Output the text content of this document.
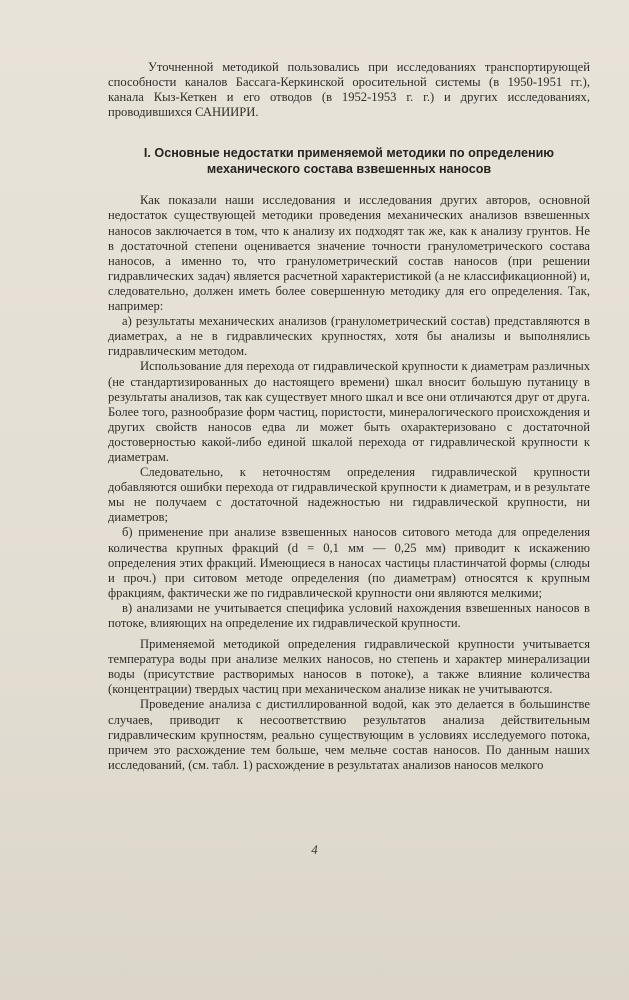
Уточненной методикой пользовались при исследованиях транспортирующей способности каналов Бассага-Керкинской оросительной системы (в 1950-1951 гг.), канала Кыз-Кеткен и его отводов (в 1952-1953 г. г.) и других исследованиях, проводившихся САНИИРИ.

I. Основные недостатки применяемой методики по определению механического состава взвешенных наносов

Как показали наши исследования и исследования других авторов, основной недостаток существующей методики проведения механических анализов взвешенных наносов заключается в том, что к анализу их подходят так же, как к анализу грунтов. Не в достаточной степени оценивается значение точности гранулометрического состава наносов, а именно то, что гранулометрический состав наносов (при решении гидравлических задач) является расчетной характеристикой (а не классификационной) и, следовательно, должен иметь более совершенную методику для его определения. Так, например:

а) результаты механических анализов (гранулометрический состав) представляются в диаметрах, а не в гидравлических крупностях, хотя бы анализы и выполнялись гидравлическим методом.

Использование для перехода от гидравлической крупности к диаметрам различных (не стандартизированных до настоящего времени) шкал вносит большую путаницу в результаты анализов, так как существует много шкал и все они отличаются друг от друга. Более того, разнообразие форм частиц, пористости, минералогического происхождения и других свойств наносов едва ли может быть охарактеризовано с достаточной достоверностью какой-либо единой шкалой перехода от гидравлической крупности к диаметрам.

Следовательно, к неточностям определения гидравлической крупности добавляются ошибки перехода от гидравлической крупности к диаметрам, и в результате мы не получаем с достаточной надежностью ни гидравлической крупности, ни диаметров;

б) применение при анализе взвешенных наносов ситового метода для определения количества крупных фракций (d = 0,1 мм — 0,25 мм) приводит к искажению определения этих фракций. Имеющиеся в наносах частицы пластинчатой формы (слюды и проч.) при ситовом методе определения (по диаметрам) относятся к крупным фракциям, фактически же по гидравлической крупности они являются мелкими;

в) анализами не учитывается специфика условий нахождения взвешенных наносов в потоке, влияющих на определение их гидравлической крупности.

Применяемой методикой определения гидравлической крупности учитывается температура воды при анализе мелких наносов, но степень и характер минерализации воды (присутствие растворимых наносов в потоке), а также влияние количества (концентрации) твердых частиц при механическом анализе никак не учитываются.

Проведение анализа с дистиллированной водой, как это делается в большинстве случаев, приводит к несоответствию результатов анализа действительным гидравлическим крупностям, реально существующим в условиях исследуемого потока, причем это расхождение тем больше, чем мельче состав наносов. По данным наших исследований, (см. табл. 1) расхождение в результатах анализов наносов мелкого

4
